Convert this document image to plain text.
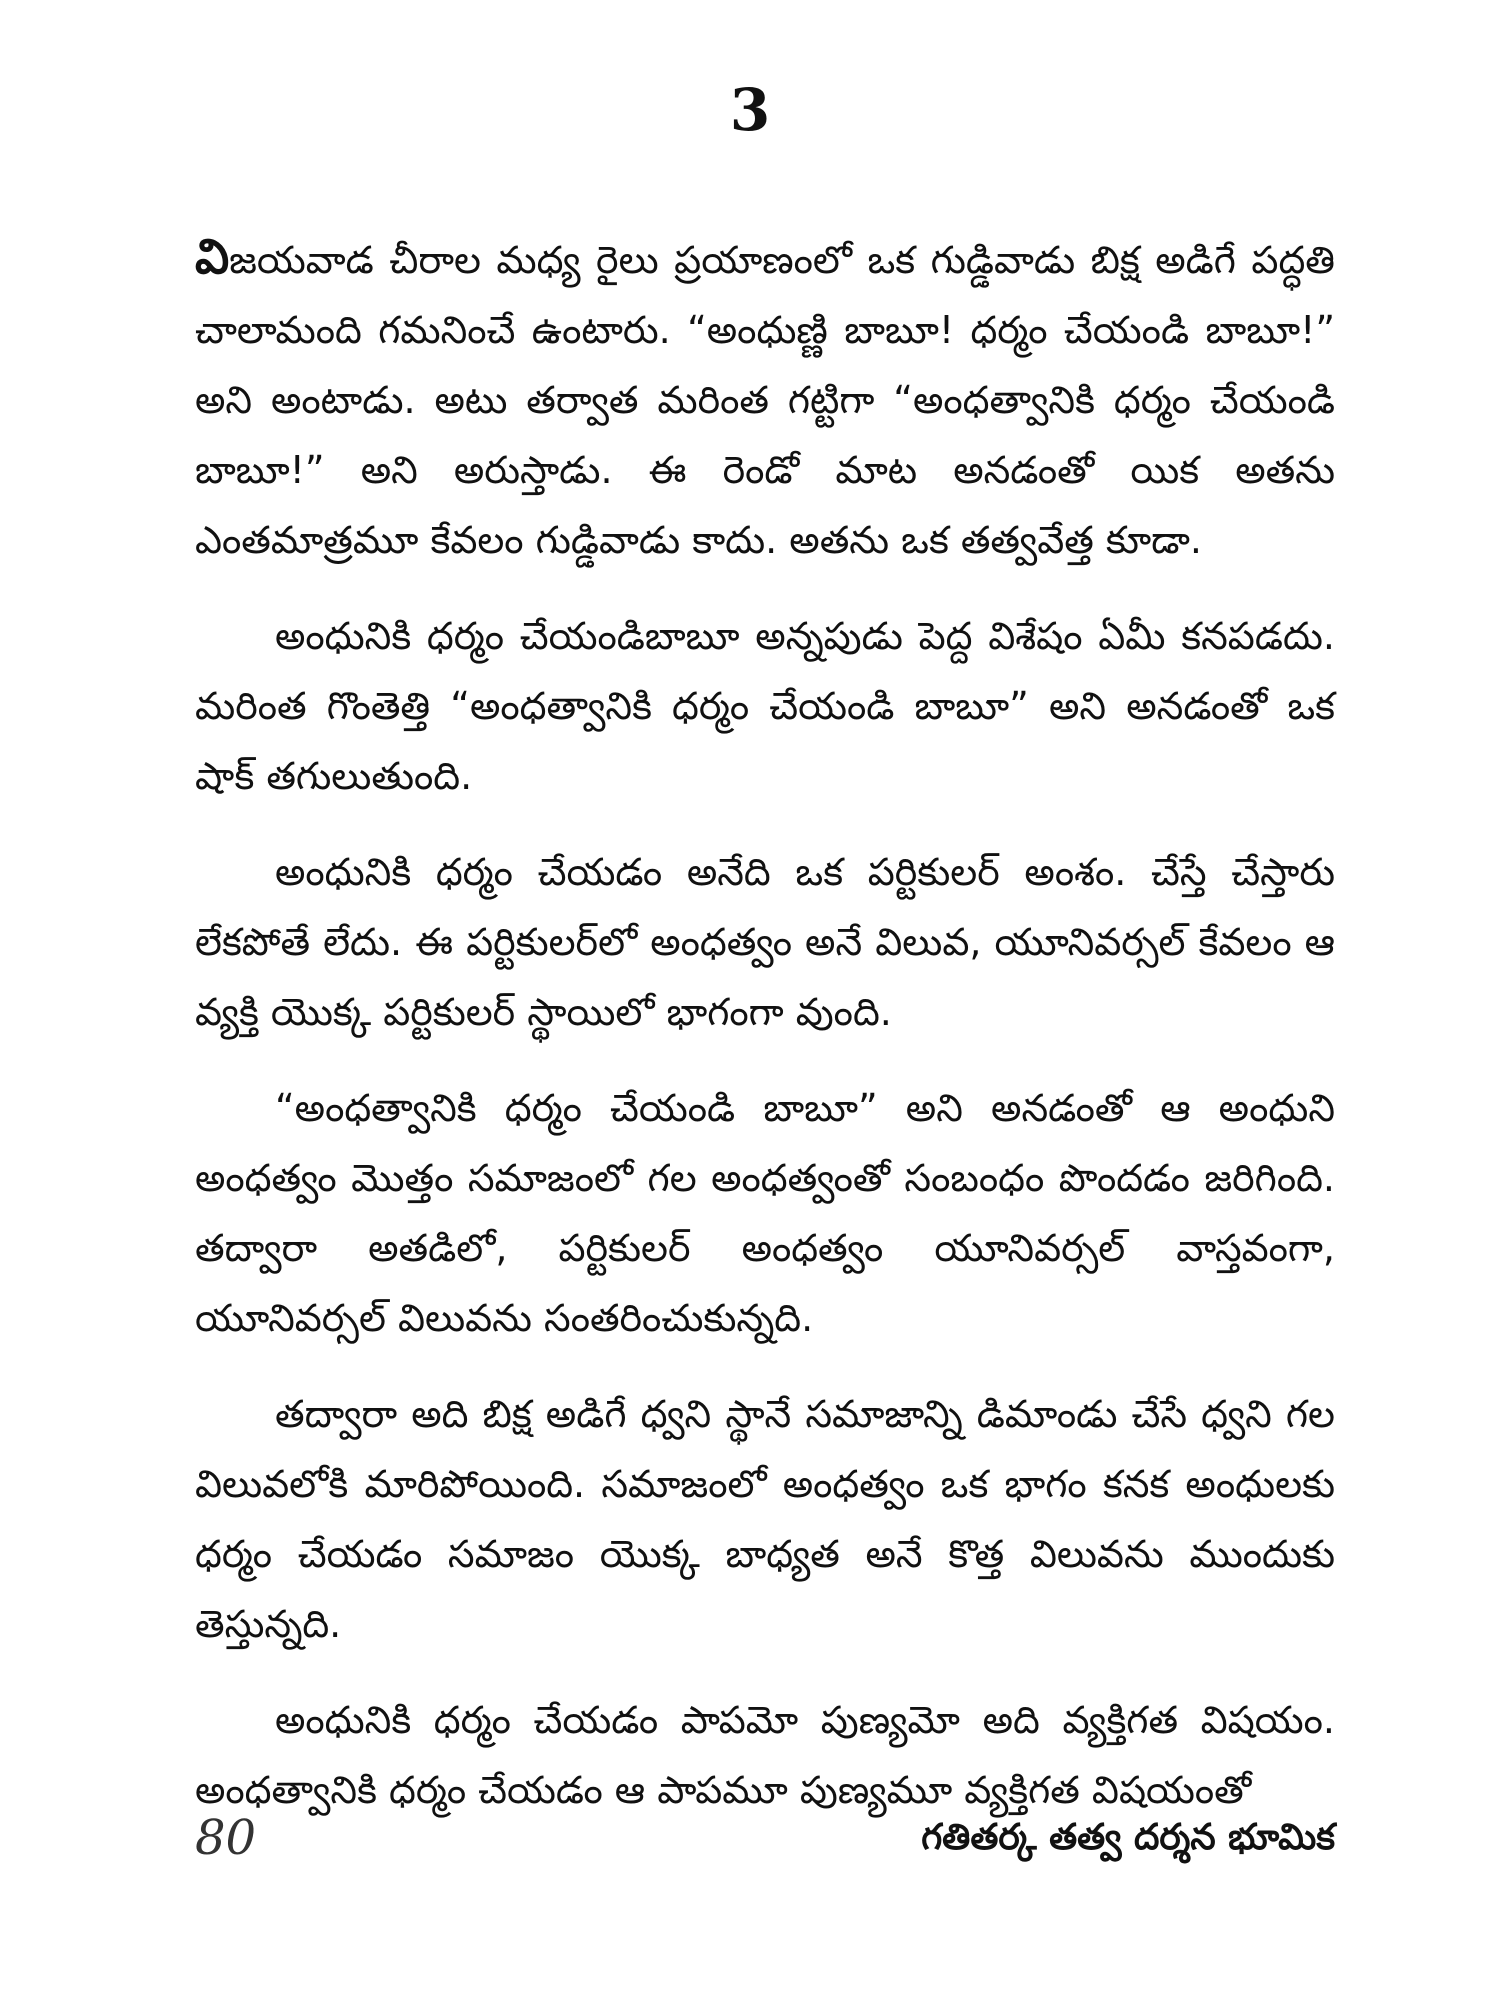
3

విజయవాడ చీరాల మధ్య రైలు ప్రయాణంలో ఒక గుడ్డివాడు బిక్ష అడిగే పద్ధతి చాలామంది గమనించే ఉంటారు. “అంధుణ్ణి బాబూ! ధర్మం చేయండి బాబూ!” అని అంటాడు. అటు తర్వాత మరింత గట్టిగా “అంధత్వానికి ధర్మం చేయండి బాబూ!” అని అరుస్తాడు. ఈ రెండో మాట అనడంతో యిక అతను ఎంతమాత్రమూ కేవలం గుడ్డివాడు కాదు. అతను ఒక తత్వవేత్త కూడా.

అంధునికి ధర్మం చేయండిబాబూ అన్నపుడు పెద్ద విశేషం ఏమీ కనపడదు. మరింత గొంతెత్తి “అంధత్వానికి ధర్మం చేయండి బాబూ” అని అనడంతో ఒక షాక్ తగులుతుంది.

అంధునికి ధర్మం చేయడం అనేది ఒక పర్టికులర్ అంశం. చేస్తే చేస్తారు లేకపోతే లేదు. ఈ పర్టికులర్‌లో అంధత్వం అనే విలువ, యూనివర్సల్ కేవలం ఆ వ్యక్తి యొక్క పర్టికులర్ స్థాయిలో భాగంగా వుంది.

“అంధత్వానికి ధర్మం చేయండి బాబూ” అని అనడంతో ఆ అంధుని అంధత్వం మొత్తం సమాజంలో గల అంధత్వంతో సంబంధం పొందడం జరిగింది. తద్వారా అతడిలో, పర్టికులర్ అంధత్వం యూనివర్సల్ వాస్తవంగా, యూనివర్సల్ విలువను సంతరించుకున్నది.

తద్వారా అది బిక్ష అడిగే ధ్వని స్థానే సమాజాన్ని డిమాండు చేసే ధ్వని గల విలువలోకి మారిపోయింది. సమాజంలో అంధత్వం ఒక భాగం కనక అంధులకు ధర్మం చేయడం సమాజం యొక్క బాధ్యత అనే కొత్త విలువను ముందుకు తెస్తున్నది.

అంధునికి ధర్మం చేయడం పాపమో పుణ్యమో అది వ్యక్తిగత విషయం. అంధత్వానికి ధర్మం చేయడం ఆ పాపమూ పుణ్యమూ వ్యక్తిగత విషయంతో

80	గతితర్క తత్వ దర్శన భూమిక
